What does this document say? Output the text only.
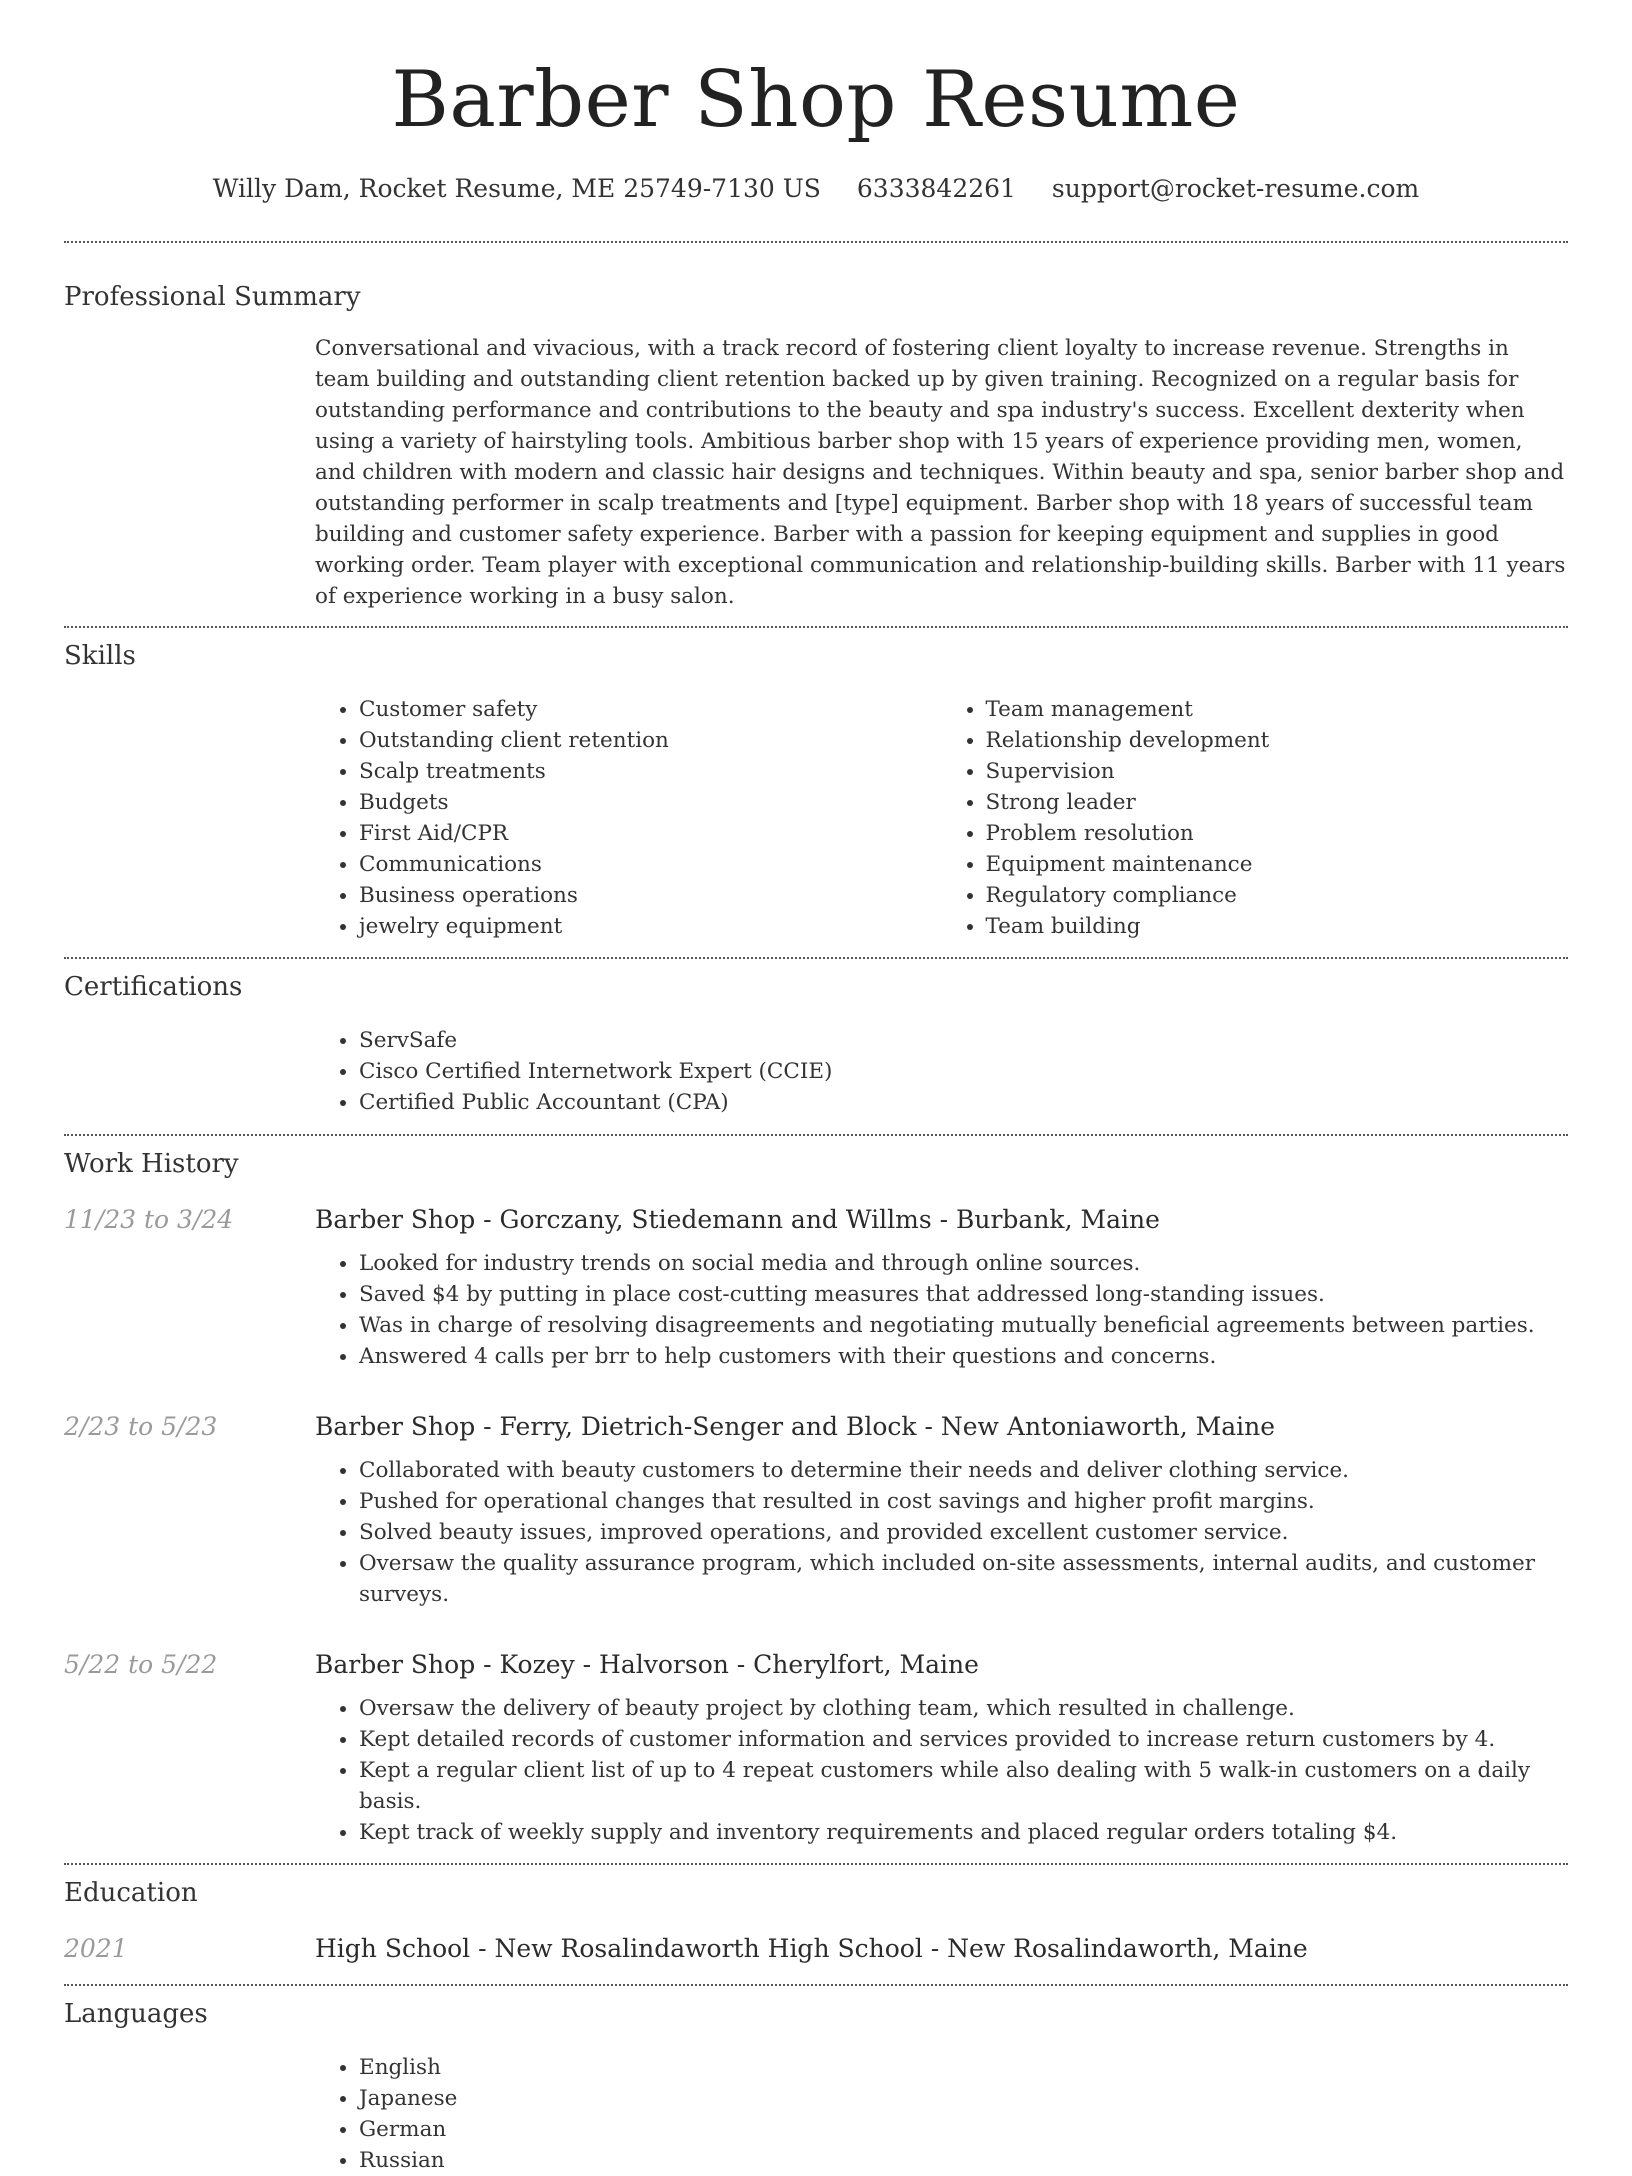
Barber Shop Resume
Willy Dam, Rocket Resume, ME 25749-7130 US 6333842261 support@rocket-resume.com
Professional Summary
Conversational and vivacious, with a track record of fostering client loyalty to increase revenue. Strengths in team building and outstanding client retention backed up by given training. Recognized on a regular basis for outstanding performance and contributions to the beauty and spa industry's success. Excellent dexterity when using a variety of hairstyling tools. Ambitious barber shop with 15 years of experience providing men, women, and children with modern and classic hair designs and techniques. Within beauty and spa, senior barber shop and outstanding performer in scalp treatments and [type] equipment. Barber shop with 18 years of successful team building and customer safety experience. Barber with a passion for keeping equipment and supplies in good working order. Team player with exceptional communication and relationship-building skills. Barber with 11 years of experience working in a busy salon.
Skills
• Customer safety
• Outstanding client retention
• Scalp treatments
• Budgets
• First Aid/CPR
• Communications
• Business operations
• jewelry equipment
• Team management
• Relationship development
• Supervision
• Strong leader
• Problem resolution
• Equipment maintenance
• Regulatory compliance
• Team building
Certifications
• ServSafe
• Cisco Certified Internetwork Expert (CCIE)
• Certified Public Accountant (CPA)
Work History
11/23 to 3/24	Barber Shop - Gorczany, Stiedemann and Willms - Burbank, Maine
• Looked for industry trends on social media and through online sources.
• Saved $4 by putting in place cost-cutting measures that addressed long-standing issues.
• Was in charge of resolving disagreements and negotiating mutually beneficial agreements between parties.
• Answered 4 calls per brr to help customers with their questions and concerns.
2/23 to 5/23	Barber Shop - Ferry, Dietrich-Senger and Block - New Antoniaworth, Maine
• Collaborated with beauty customers to determine their needs and deliver clothing service.
• Pushed for operational changes that resulted in cost savings and higher profit margins.
• Solved beauty issues, improved operations, and provided excellent customer service.
• Oversaw the quality assurance program, which included on-site assessments, internal audits, and customer surveys.
5/22 to 5/22	Barber Shop - Kozey - Halvorson - Cherylfort, Maine
• Oversaw the delivery of beauty project by clothing team, which resulted in challenge.
• Kept detailed records of customer information and services provided to increase return customers by 4.
• Kept a regular client list of up to 4 repeat customers while also dealing with 5 walk-in customers on a daily basis.
• Kept track of weekly supply and inventory requirements and placed regular orders totaling $4.
Education
2021	High School - New Rosalindaworth High School - New Rosalindaworth, Maine
Languages
• English
• Japanese
• German
• Russian
